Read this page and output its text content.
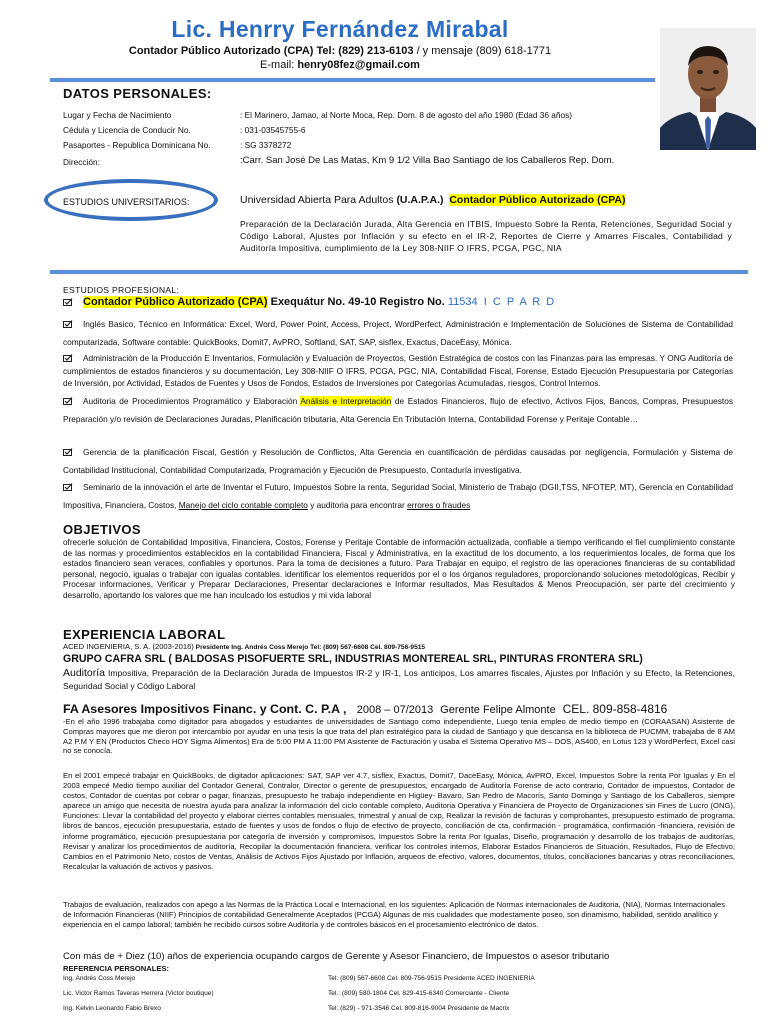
Lic. Henrry Fernández Mirabal
Contador Público Autorizado (CPA) Tel: (829) 213-6103 / y mensaje (809) 618-1771
E-mail: henry08fez@gmail.com
DATOS PERSONALES:
Lugar y Fecha de Nacimiento	: El Marinero, Jamao, al Norte Moca, Rep. Dom. 8 de agosto del año 1980 (Edad 36 años)
Cédula y Licencia de Conducir No.	: 031-03545755-6
Pasaportes - Republica Dominicana No.	: SG 3378272
Dirección:	:Carr. San José De Las Matas, Km 9 1/2 Villa Bao Santiago de los Caballeros Rep. Dom.
ESTUDIOS UNIVERSITARIOS:	Universidad Abierta Para Adultos (U.A.P.A.) Contador Público Autorizado (CPA)
Preparación de la Declaración Jurada, Alta Gerencia en ITBIS, Impuesto Sobre la Renta, Retenciones, Seguridad Social y Código Laboral, Ajustes por Inflación y su efecto en el IR-2, Reportes de Cierre y Amarres Fiscales, Contabilidad y Auditoría Impositiva, cumplimiento de la Ley 308-NIIF O IFRS, PCGA, PGC, NIA
ESTUDIOS PROFESIONAL:
Contador Público Autorizado (CPA) Exequátur No. 49-10 Registro No. 11534 I C P A R D
Inglés Basico, Técnico en Informática: Excel, Word, Power Point, Access, Project, WordPerfect, Administración e Implementación de Soluciones de Sistema de Contabilidad computarizada, Software contable: QuickBooks, Domit7, AvPRO, Softland, SAT, SAP, sisflex, Exactus, DaceEasy, Mónica.
Administración de la Producción E Inventarios, Formulación y Evaluación de Proyectos, Gestión Estratégica de costos con las Finanzas para las empresas. Y ONG Auditoría de cumplimientos de estados financieros y su documentación, Ley 308-NIIF O IFRS, PCGA, PGC, NIA, Contabilidad Fiscal, Forense, Estado Ejecución Presupuestaria por Categorías de Inversión, por Actividad, Estados de Fuentes y Usos de Fondos, Estados de Inversiones por Categorías Acumuladas, riesgos, Control Internos.
Auditoria de Procedimientos Programático y Elaboración Análisis e Interpretación de Estados Financieros, flujo de efectivo, Activos Fijos, Bancos, Compras, Presupuestos Preparación y/o revisión de Declaraciones Juradas, Planificación tributaria, Alta Gerencia En Tributación Interna, Contabilidad Forense y Peritaje Contable…
Gerencia de la planificación Fiscal, Gestión y Resolución de Conflictos, Alta Gerencia en cuantificación de pérdidas causadas por negligencia, Formulación y Sistema de Contabilidad Institucional, Contabilidad Computarizada, Programación y Ejecución de Presupuesto, Contaduría investigativa.
Seminario de la innovación el arte de Inventar el Futuro, Impuestos Sobre la renta, Seguridad Social, Ministerio de Trabajo (DGII,TSS, NFOTEP, MT), Gerencia en Contabilidad Impositiva, Financiera, Costos, Manejo del ciclo contable completo y auditoria para encontrar errores o fraudes
OBJETIVOS
ofrecerle solución de Contabilidad Impositiva, Financiera, Costos, Forense y Peritaje Contable de información actualizada, confiable a tiempo verificando el fiel cumplimiento constante de las normas y procedimientos establecidos en la contabilidad Financiera, Fiscal y Administrativa, en la exactitud de los documento, a los requerimientos locales, de forma que los estados financiero sean veraces, confiables y oportunos. Para la toma de decisiones a futuro. Para Trabajar en equipo, el registro de las operaciones financieras de su contabilidad personal, negocio, igualas o trabajar con igualas contables. identificar los elementos requeridos por el o los órganos reguladores, proporcionando soluciones metodológicas, Recibir y Procesar informaciones, Verificar y Preparar Declaraciones, Presentar declaraciones e Informar resultados, Mas Resultados & Menos Preocupación, ser parte del crecimiento y desarrollo, aportando los valores que me han inculcado los estudios y mi vida laboral
EXPERIENCIA LABORAL
ACED INGENIERIA, S. A. (2003-2016) Presidente Ing. Andrés Coss Merejo Tel: (809) 567-6608 Cel. 809-756-9515
GRUPO CAFRA SRL ( BALDOSAS PISOFUERTE SRL, INDUSTRIAS MONTEREAL SRL, PINTURAS FRONTERA SRL)
Auditoría Impositiva, Preparación de la Declaración Jurada de Impuestos IR-2 y IR-1, Los anticipos, Los amarres fiscales, Ajustes por Inflación y su Efecto, la Retenciones, Seguridad Social y Código Laboral
FA Asesores Impositivos Financ. y Cont. C. P.A , 2008 – 07/2013 Gerente Felipe Almonte CEL. 809-858-4816
-En el año 1996 trabajaba como digitador para abogados y estudiantes de universidades de Santiago como independiente, Luego tenía empleo de medio tiempo en (CORAASAN) Asistente de Compras mayores que me dieron por intercambio por ayudar en una tesis la que trata del plan estratégico para la ciudad de Santiago y que descansa en la biblioteca de PUCMM, trabajaba de 8 AM A2 P.M Y EN (Productos Checo HOY Sigma Alimentos) Era de 5:00 PM A 11:00 PM Asistente de Facturación y usaba el Sistema Operativo MS – DOS, AS400, en Lotus 123 y WordPerfect, Excel casi no se conocía.
En el 2001 empecé trabajar en QuickBooks, de digitador aplicaciones: SAT, SAP ver 4.7, sisflex, Exactus, Domit7, DaceEasy, Mónica, AvPRO, Excel, Impuestos Sobre la renta Por Igualas y En el 2003 empecé Medio tiempo auxiliar del Contador General, Contralor, Director o gerente de presupuestos, encargado de Auditoría Forense de acto contrario, Contador de impuestos, Contador de costos, Contador de cuentas por cobrar o pagar, finanzas, presupuesto he trabajo independiente en Higüey- Bavaro, San Pedro de Macorís, Santo Domingo y Santiago de los Caballeros, siempre aparece un amigo que necesita de nuestra ayuda para analizar la información del ciclo contable completo, Auditoria Operativa y Financiera de Proyecto de Organizaciones sin Fines de Lucro (ONG), Funciones: Llevar la contabilidad del proyecto y elaborar cierres contables mensuales, trimestral y anual de cxp, Realizar la revisión de facturas y comprobantes, presupuesto estimado de programa, libros de bancos, ejecución presupuestaria, estado de fuentes y usos de fondos o flujo de efectivo de proyecto, conciliación de cta, confirmación - programática, confirmación -financiera, revisión de informe programático, ejecución presupuestaria por categoría de inversión y compromisos, Impuestos Sobre la renta Por Igualas, Diseño, programación y desarrollo de los trabajos de auditorías, Revisar y analizar los procedimientos de auditoría, Recopilar la documentación financiera, verificar los controles internos, Elaborar Estados Financieros de Situación, Resultados, Flujo de Efectivo, Cambios en el Patrimonio Neto, costos de Ventas, Análisis de Activos Fijos Ajustado por Inflación, arqueos de efectivo, valores, documentos, títulos, conciliaciones bancarias y otras reconciliaciones, Recalcular la valuación de activos y pasivos.
Trabajos de evaluación, realizados con apego a las Normas de la Práctica Local e Internacional, en los siguientes: Aplicación de Normas internacionales de Auditoria, (NIA), Normas Internacionales de Información Financieras (NIIF) Principios de contabilidad Generalmente Aceptados (PCGA) Algunas de mis cualidades que modestamente poseo, son dinamismo, habilidad, sentido analítico y experiencia en el campo laboral; también he recibido cursos sobre Auditoría y de controles básicos en el procesamiento electrónico de datos.
Con más de + Diez (10) años de experiencia ocupando cargos de Gerente y Asesor Financiero, de Impuestos o asesor tributario
REFERENCIA PERSONALES:
Ing. Andrés Coss Merejo	Tel: (809) 567-6608 Cel. 809-756-9515 Presidente ACED INGENIERIA
Lic. Victor Ramos Taveras Herrera (Victor boutique)	Tel.: (809) 580-1804 Cel. 829-415-6340 Comerciante - Cliente
Ing. Kelvin Leonardo Fabio Brexo	Tel: (829) - 971-3546 Cel. 809-816-9004 Presidente de Macrix
